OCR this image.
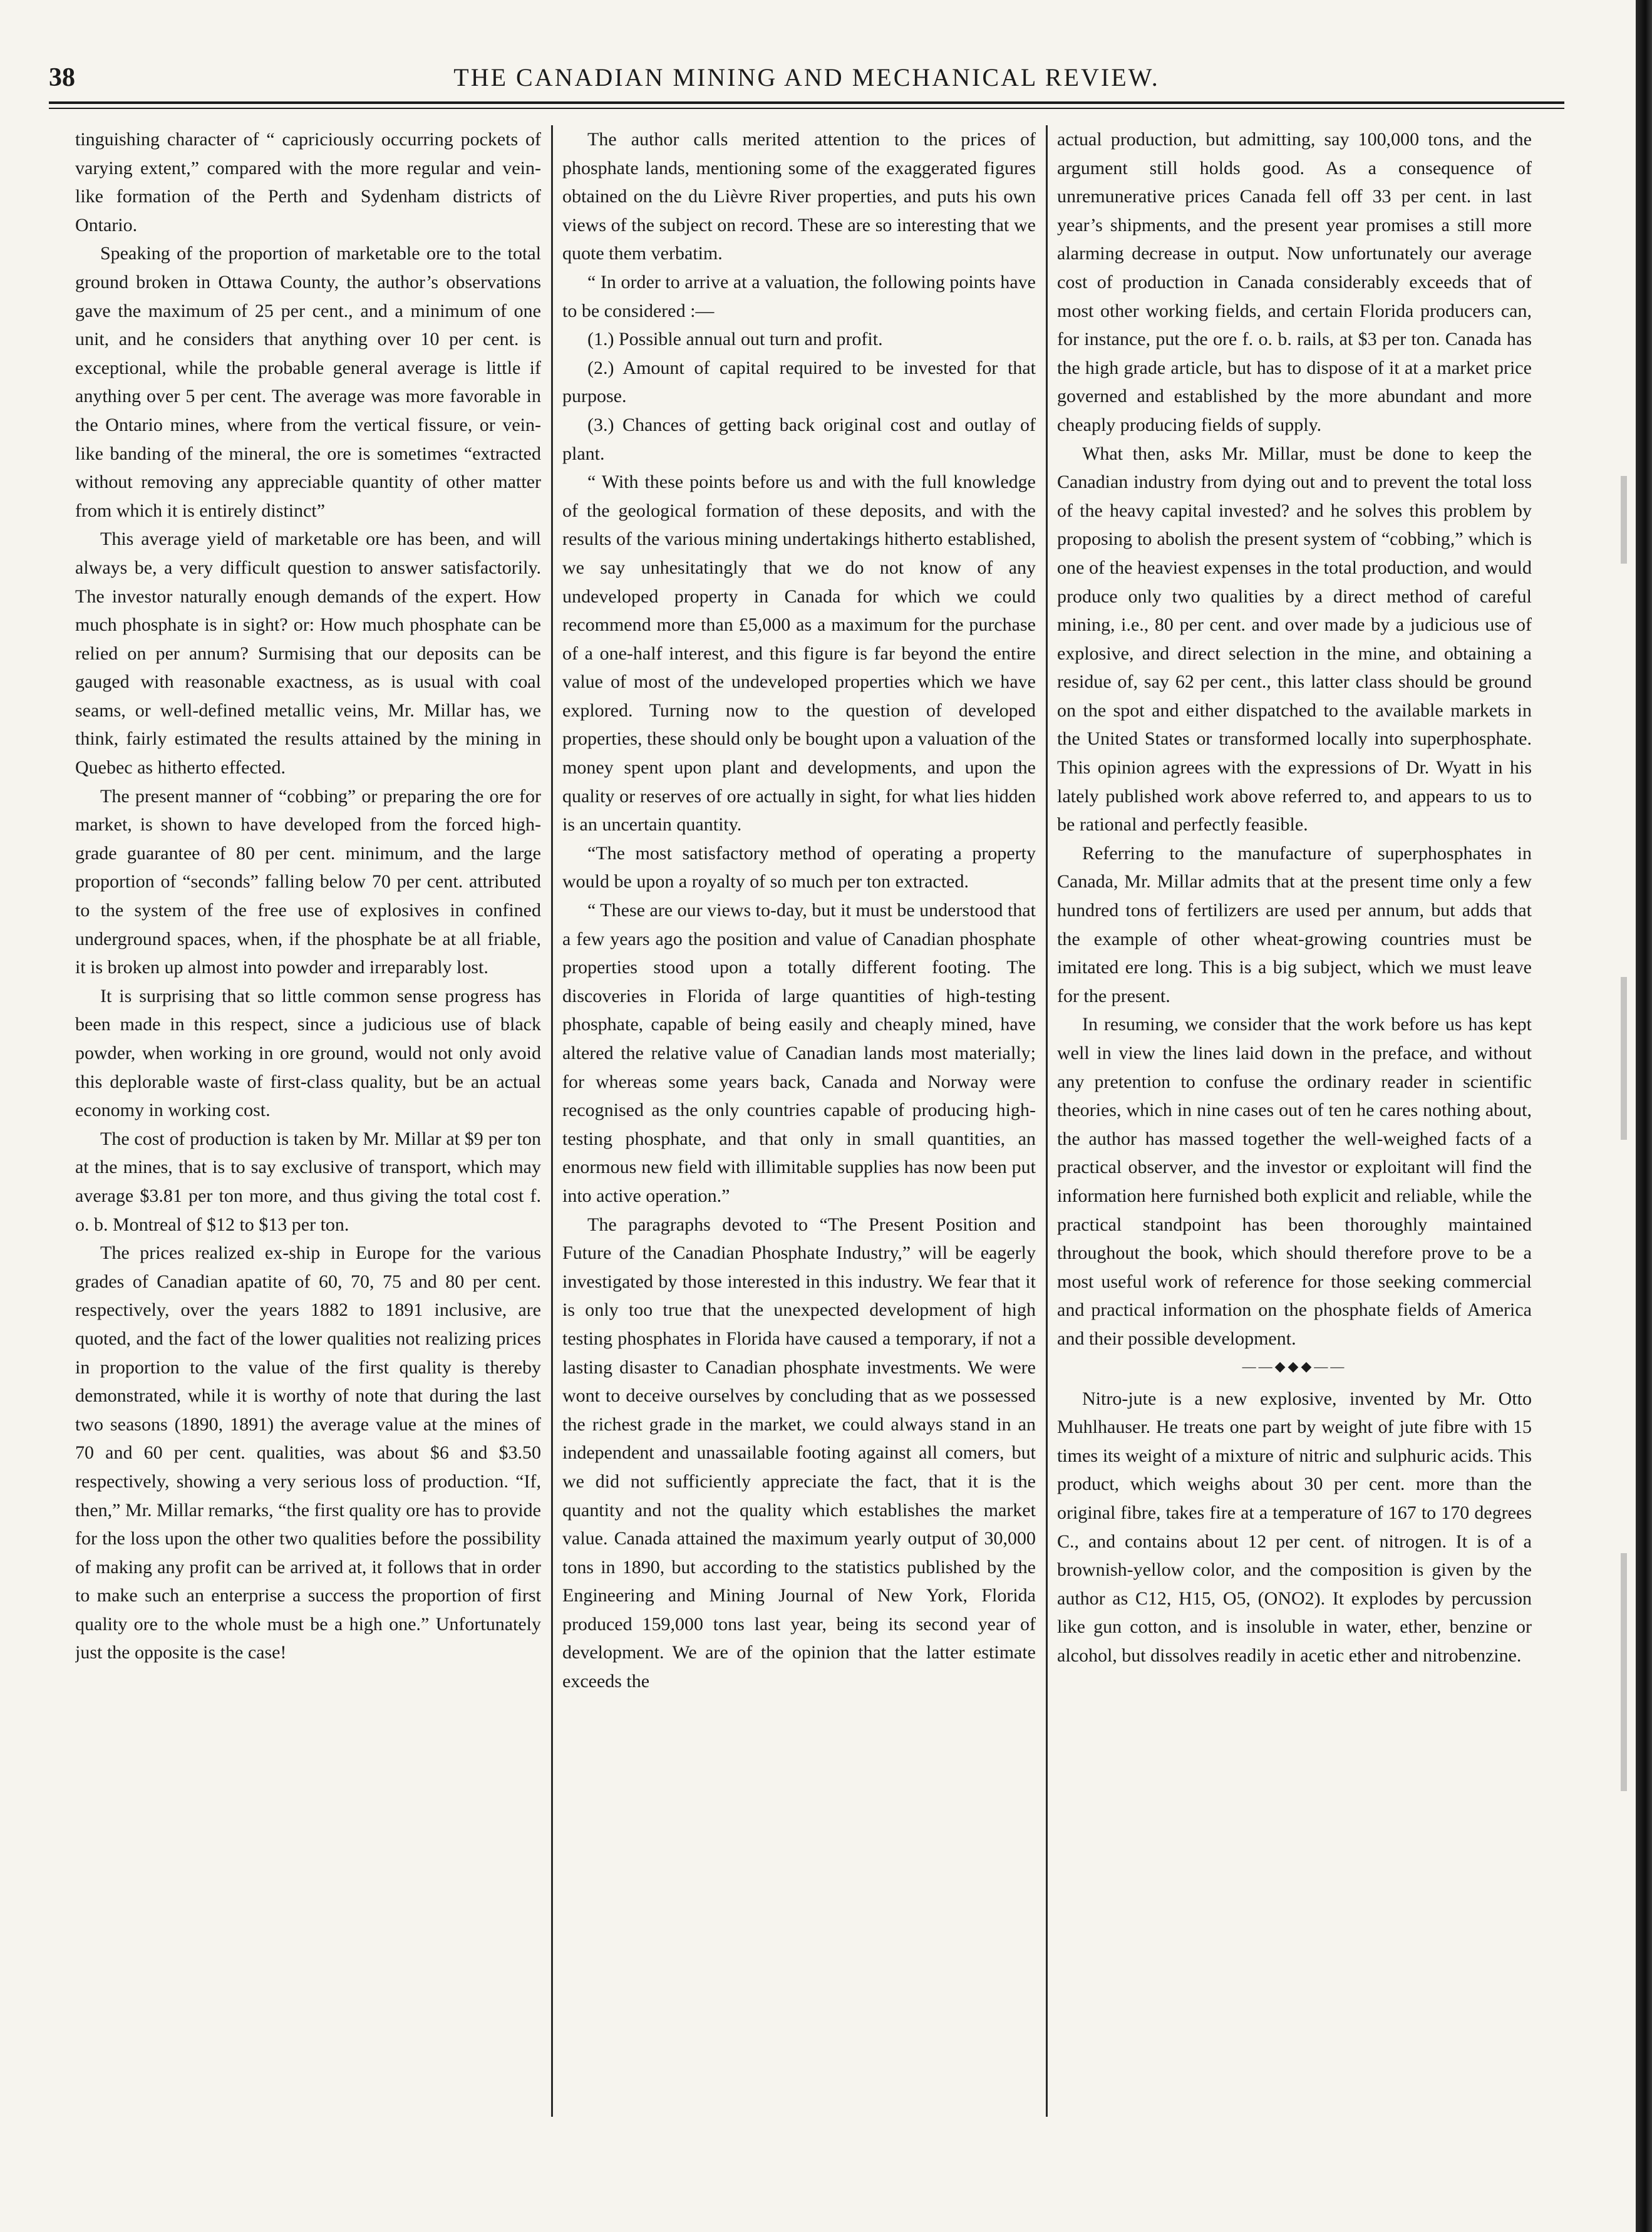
38	THE CANADIAN MINING AND MECHANICAL REVIEW.

tinguishing character of “ capriciously occurring pockets of varying extent,” compared with the more regular and vein-like formation of the Perth and Sydenham districts of Ontario.

Speaking of the proportion of marketable ore to the total ground broken in Ottawa County, the author’s observations gave the maximum of 25 per cent., and a minimum of one unit, and he considers that anything over 10 per cent. is exceptional, while the probable general average is little if anything over 5 per cent. The average was more favorable in the Ontario mines, where from the vertical fissure, or vein-like banding of the mineral, the ore is sometimes “extracted without removing any appreciable quantity of other matter from which it is entirely distinct”

This average yield of marketable ore has been, and will always be, a very difficult question to answer satisfactorily. The investor naturally enough demands of the expert. How much phosphate is in sight? or: How much phosphate can be relied on per annum? Surmising that our deposits can be gauged with reasonable exactness, as is usual with coal seams, or well-defined metallic veins, Mr. Millar has, we think, fairly estimated the results attained by the mining in Quebec as hitherto effected.

The present manner of “cobbing” or preparing the ore for market, is shown to have developed from the forced high-grade guarantee of 80 per cent. minimum, and the large proportion of “seconds” falling below 70 per cent. attributed to the system of the free use of explosives in confined underground spaces, when, if the phosphate be at all friable, it is broken up almost into powder and irreparably lost.

It is surprising that so little common sense progress has been made in this respect, since a judicious use of black powder, when working in ore ground, would not only avoid this deplorable waste of first-class quality, but be an actual economy in working cost.

The cost of production is taken by Mr. Millar at $9 per ton at the mines, that is to say exclusive of transport, which may average $3.81 per ton more, and thus giving the total cost f. o. b. Montreal of $12 to $13 per ton.

The prices realized ex-ship in Europe for the various grades of Canadian apatite of 60, 70, 75 and 80 per cent. respectively, over the years 1882 to 1891 inclusive, are quoted, and the fact of the lower qualities not realizing prices in proportion to the value of the first quality is thereby demonstrated, while it is worthy of note that during the last two seasons (1890, 1891) the average value at the mines of 70 and 60 per cent. qualities, was about $6 and $3.50 respectively, showing a very serious loss of production. “If, then,” Mr. Millar remarks, “the first quality ore has to provide for the loss upon the other two qualities before the possibility of making any profit can be arrived at, it follows that in order to make such an enterprise a success the proportion of first quality ore to the whole must be a high one.” Unfortunately just the opposite is the case!

The author calls merited attention to the prices of phosphate lands, mentioning some of the exaggerated figures obtained on the du Lièvre River properties, and puts his own views of the subject on record. These are so interesting that we quote them verbatim.

“ In order to arrive at a valuation, the following points have to be considered :—

(1.) Possible annual out turn and profit.

(2.) Amount of capital required to be invested for that purpose.

(3.) Chances of getting back original cost and outlay of plant.

“ With these points before us and with the full knowledge of the geological formation of these deposits, and with the results of the various mining undertakings hitherto established, we say unhesitatingly that we do not know of any undeveloped property in Canada for which we could recommend more than £5,000 as a maximum for the purchase of a one-half interest, and this figure is far beyond the entire value of most of the undeveloped properties which we have explored. Turning now to the question of developed properties, these should only be bought upon a valuation of the money spent upon plant and developments, and upon the quality or reserves of ore actually in sight, for what lies hidden is an uncertain quantity.

“The most satisfactory method of operating a property would be upon a royalty of so much per ton extracted.

“ These are our views to-day, but it must be understood that a few years ago the position and value of Canadian phosphate properties stood upon a totally different footing. The discoveries in Florida of large quantities of high-testing phosphate, capable of being easily and cheaply mined, have altered the relative value of Canadian lands most materially; for whereas some years back, Canada and Norway were recognised as the only countries capable of producing high-testing phosphate, and that only in small quantities, an enormous new field with illimitable supplies has now been put into active operation.”

The paragraphs devoted to “The Present Position and Future of the Canadian Phosphate Industry,” will be eagerly investigated by those interested in this industry. We fear that it is only too true that the unexpected development of high testing phosphates in Florida have caused a temporary, if not a lasting disaster to Canadian phosphate investments. We were wont to deceive ourselves by concluding that as we possessed the richest grade in the market, we could always stand in an independent and unassailable footing against all comers, but we did not sufficiently appreciate the fact, that it is the quantity and not the quality which establishes the market value. Canada attained the maximum yearly output of 30,000 tons in 1890, but according to the statistics published by the Engineering and Mining Journal of New York, Florida produced 159,000 tons last year, being its second year of development. We are of the opinion that the latter estimate exceeds the

actual production, but admitting, say 100,000 tons, and the argument still holds good. As a consequence of unremunerative prices Canada fell off 33 per cent. in last year’s shipments, and the present year promises a still more alarming decrease in output. Now unfortunately our average cost of production in Canada considerably exceeds that of most other working fields, and certain Florida producers can, for instance, put the ore f. o. b. rails, at $3 per ton. Canada has the high grade article, but has to dispose of it at a market price governed and established by the more abundant and more cheaply producing fields of supply.

What then, asks Mr. Millar, must be done to keep the Canadian industry from dying out and to prevent the total loss of the heavy capital invested? and he solves this problem by proposing to abolish the present system of “cobbing,” which is one of the heaviest expenses in the total production, and would produce only two qualities by a direct method of careful mining, i.e., 80 per cent. and over made by a judicious use of explosive, and direct selection in the mine, and obtaining a residue of, say 62 per cent., this latter class should be ground on the spot and either dispatched to the available markets in the United States or transformed locally into superphosphate. This opinion agrees with the expressions of Dr. Wyatt in his lately published work above referred to, and appears to us to be rational and perfectly feasible.

Referring to the manufacture of superphosphates in Canada, Mr. Millar admits that at the present time only a few hundred tons of fertilizers are used per annum, but adds that the example of other wheat-growing countries must be imitated ere long. This is a big subject, which we must leave for the present.

In resuming, we consider that the work before us has kept well in view the lines laid down in the preface, and without any pretention to confuse the ordinary reader in scientific theories, which in nine cases out of ten he cares nothing about, the author has massed together the well-weighed facts of a practical observer, and the investor or exploitant will find the information here furnished both explicit and reliable, while the practical standpoint has been thoroughly maintained throughout the book, which should therefore prove to be a most useful work of reference for those seeking commercial and practical information on the phosphate fields of America and their possible development.

——◆◆◆——

Nitro-jute is a new explosive, invented by Mr. Otto Muhlhauser. He treats one part by weight of jute fibre with 15 times its weight of a mixture of nitric and sulphuric acids. This product, which weighs about 30 per cent. more than the original fibre, takes fire at a temperature of 167 to 170 degrees C., and contains about 12 per cent. of nitrogen. It is of a brownish-yellow color, and the composition is given by the author as C12, H15, O5, (ONO2). It explodes by percussion like gun cotton, and is insoluble in water, ether, benzine or alcohol, but dissolves readily in acetic ether and nitrobenzine.
